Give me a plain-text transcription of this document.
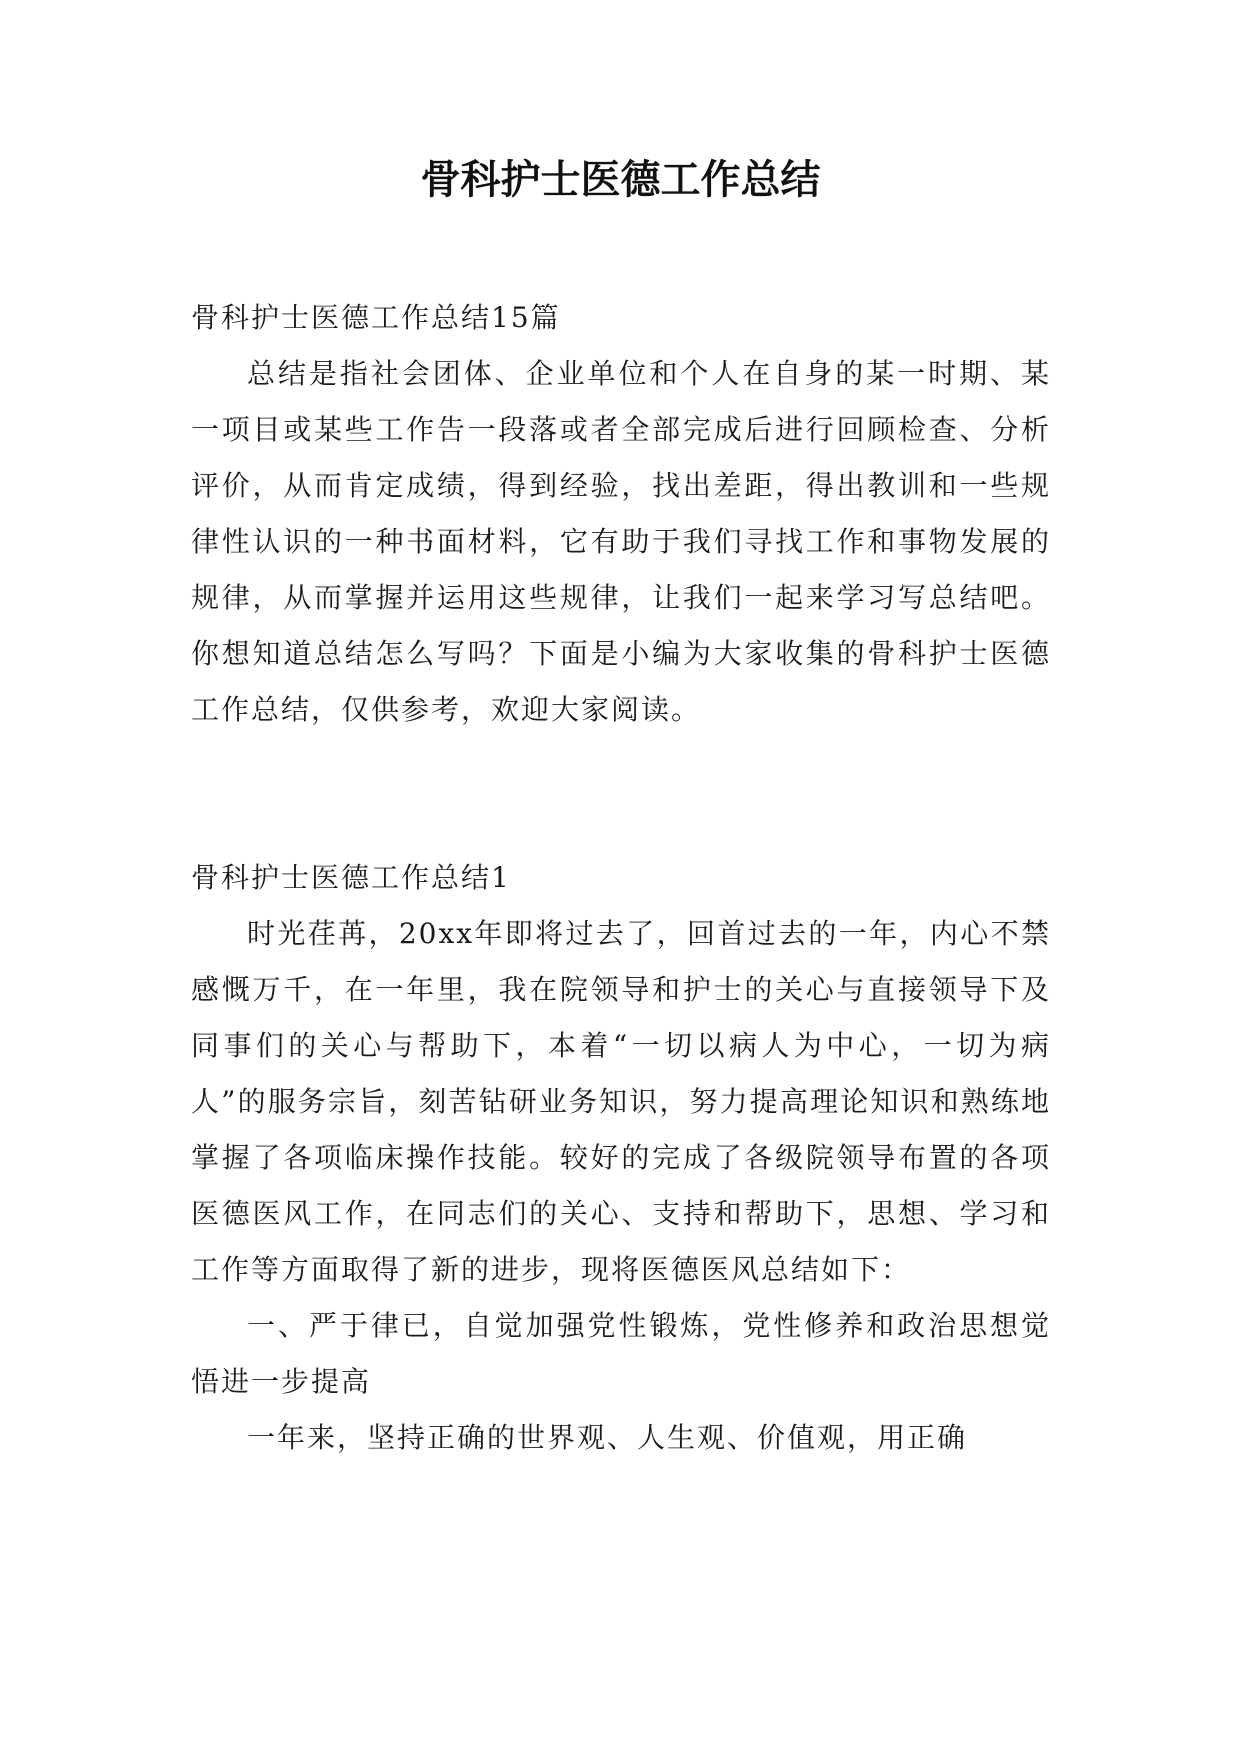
骨科护士医德工作总结

骨科护士医德工作总结15篇

总结是指社会团体、企业单位和个人在自身的某一时期、某一项目或某些工作告一段落或者全部完成后进行回顾检查、分析评价，从而肯定成绩，得到经验，找出差距，得出教训和一些规律性认识的一种书面材料，它有助于我们寻找工作和事物发展的规律，从而掌握并运用这些规律，让我们一起来学习写总结吧。你想知道总结怎么写吗？下面是小编为大家收集的骨科护士医德工作总结，仅供参考，欢迎大家阅读。

骨科护士医德工作总结1

时光荏苒，20xx年即将过去了，回首过去的一年，内心不禁感慨万千，在一年里，我在院领导和护士的关心与直接领导下及同事们的关心与帮助下，本着“一切以病人为中心，一切为病人”的服务宗旨，刻苦钻研业务知识，努力提高理论知识和熟练地掌握了各项临床操作技能。较好的完成了各级院领导布置的各项医德医风工作，在同志们的关心、支持和帮助下，思想、学习和工作等方面取得了新的进步，现将医德医风总结如下：

一、严于律已，自觉加强党性锻炼，党性修养和政治思想觉悟进一步提高

一年来，坚持正确的世界观、人生观、价值观，用正确
